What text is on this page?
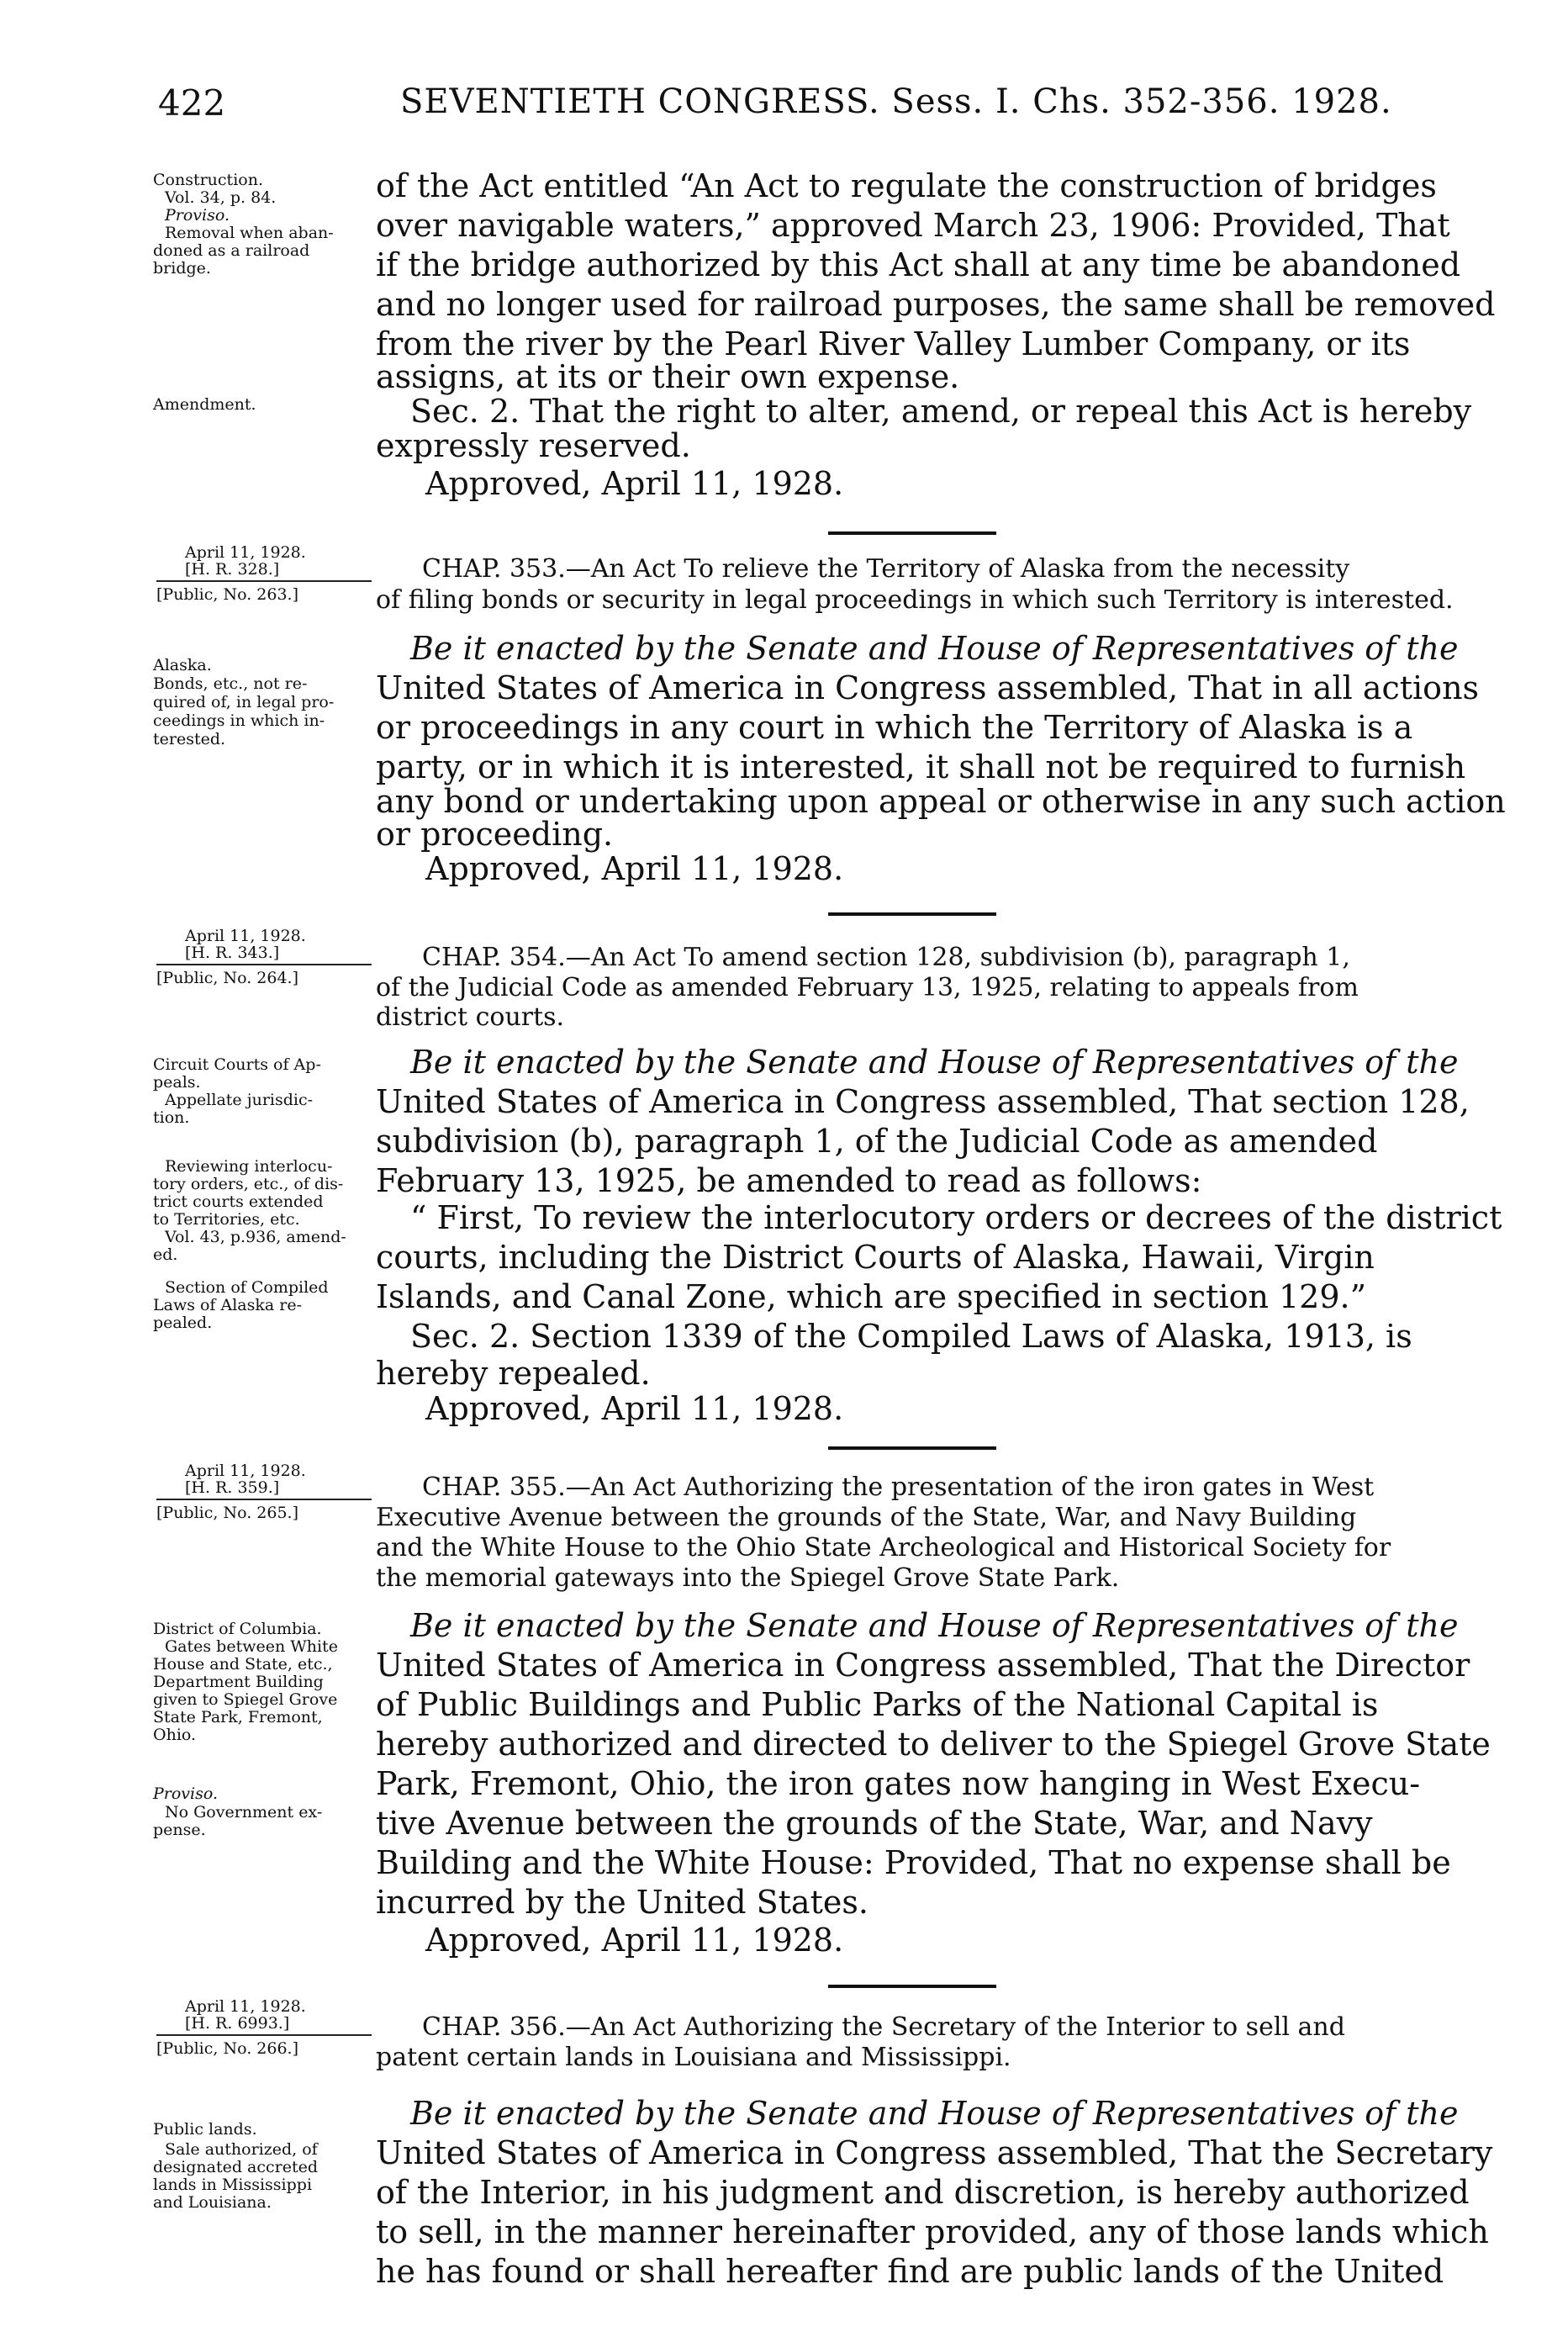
422	SEVENTIETH CONGRESS. Sess. I. Chs. 352-356. 1928.
Construction.
Vol. 34, p. 84.
Proviso.
Removal when aban-
doned as a railroad
bridge.
Amendment.
of the Act entitled “An Act to regulate the construction of bridges
over navigable waters,” approved March 23, 1906: Provided, That
if the bridge authorized by this Act shall at any time be abandoned
and no longer used for railroad purposes, the same shall be removed
from the river by the Pearl River Valley Lumber Company, or its
assigns, at its or their own expense.
Sec. 2. That the right to alter, amend, or repeal this Act is hereby
expressly reserved.
Approved, April 11, 1928.
April 11, 1928.
[H. R. 328.]
[Public, No. 263.]
CHAP. 353.—An Act To relieve the Territory of Alaska from the necessity
of filing bonds or security in legal proceedings in which such Territory is interested.
Alaska.
Bonds, etc., not re-
quired of, in legal pro-
ceedings in which in-
terested.
Be it enacted by the Senate and House of Representatives of the
United States of America in Congress assembled, That in all actions
or proceedings in any court in which the Territory of Alaska is a
party, or in which it is interested, it shall not be required to furnish
any bond or undertaking upon appeal or otherwise in any such action
or proceeding.
Approved, April 11, 1928.
April 11, 1928.
[H. R. 343.]
[Public, No. 264.]
CHAP. 354.—An Act To amend section 128, subdivision (b), paragraph 1,
of the Judicial Code as amended February 13, 1925, relating to appeals from
district courts.
Circuit Courts of Ap-
peals.
Appellate jurisdic-
tion.
Reviewing interlocu-
tory orders, etc., of dis-
trict courts extended
to Territories, etc.
Vol. 43, p.936, amend-
ed.
Section of Compiled
Laws of Alaska re-
pealed.
Be it enacted by the Senate and House of Representatives of the
United States of America in Congress assembled, That section 128,
subdivision (b), paragraph 1, of the Judicial Code as amended
February 13, 1925, be amended to read as follows:
“ First, To review the interlocutory orders or decrees of the district
courts, including the District Courts of Alaska, Hawaii, Virgin
Islands, and Canal Zone, which are specified in section 129.”
Sec. 2. Section 1339 of the Compiled Laws of Alaska, 1913, is
hereby repealed.
Approved, April 11, 1928.
April 11, 1928.
[H. R. 359.]
[Public, No. 265.]
CHAP. 355.—An Act Authorizing the presentation of the iron gates in West
Executive Avenue between the grounds of the State, War, and Navy Building
and the White House to the Ohio State Archeological and Historical Society for
the memorial gateways into the Spiegel Grove State Park.
District of Columbia.
Gates between White
House and State, etc.,
Department Building
given to Spiegel Grove
State Park, Fremont,
Ohio.
Proviso.
No Government ex-
pense.
Be it enacted by the Senate and House of Representatives of the
United States of America in Congress assembled, That the Director
of Public Buildings and Public Parks of the National Capital is
hereby authorized and directed to deliver to the Spiegel Grove State
Park, Fremont, Ohio, the iron gates now hanging in West Execu-
tive Avenue between the grounds of the State, War, and Navy
Building and the White House: Provided, That no expense shall be
incurred by the United States.
Approved, April 11, 1928.
April 11, 1928.
[H. R. 6993.]
[Public, No. 266.]
CHAP. 356.—An Act Authorizing the Secretary of the Interior to sell and
patent certain lands in Louisiana and Mississippi.
Public lands.
Sale authorized, of
designated accreted
lands in Mississippi
and Louisiana.
Be it enacted by the Senate and House of Representatives of the
United States of America in Congress assembled, That the Secretary
of the Interior, in his judgment and discretion, is hereby authorized
to sell, in the manner hereinafter provided, any of those lands which
he has found or shall hereafter find are public lands of the United
